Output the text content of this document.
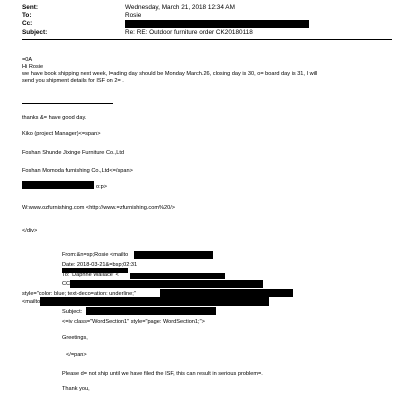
Sent:	Wednesday, March 21, 2018 12:34 AM
To:	Rosie
Cc:
Subject:	Re: RE: Outdoor furniture order CK20180118
=0A
Hi Rosie
we have book shipping next week, l=ading day should be Monday March.26, closing day is 30, o= board day is 31, I will
send you shipment details for ISF on 2= .
thanks &= have good day.
Kiko (project Manager)<=span>
Foshan Shunde Jixinge Furniture Co.,Ltd
Foshan Momoda furnishing Co.,Ltd<=/span>
o:p>
W:www.ozfurnishing.com <http://www.=zfurnishing.com%20/>
</div>
From:&n=sp;Rosie <mailto
Date: 2018-03-21&=bsp;02:31
To: 'Daphne Wallace' <
CC
style="color: blue; text-deco=ation: underline;"
<mailto
Subject:
<=iv class="WordSection1" style="page: WordSection1;">
Greetings,
</=pan>
Please d= not ship until we have filed the ISF, this can result in serious problem=.
Thank you,
